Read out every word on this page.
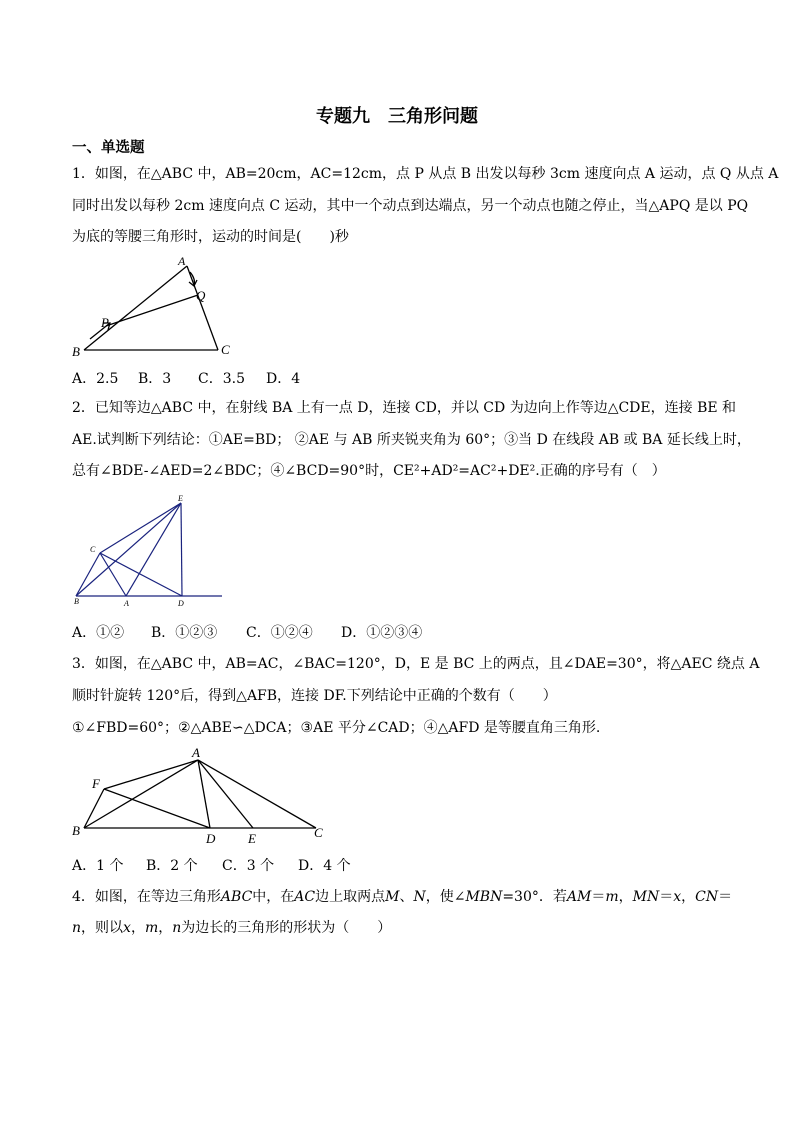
专题九　三角形问题
一、单选题
1．如图，在△ABC 中，AB=20cm，AC=12cm，点 P 从点 B 出发以每秒 3cm 速度向点 A 运动，点 Q 从点 A
同时出发以每秒 2cm 速度向点 C 运动，其中一个动点到达端点，另一个动点也随之停止，当△APQ 是以 PQ
为底的等腰三角形时，运动的时间是(　　)秒
A
B	C
P
Q
A．2.5 B．3 C．3.5 D．4
2．已知等边△ABC 中，在射线 BA 上有一点 D，连接 CD，并以 CD 为边向上作等边△CDE，连接 BE 和
AE.试判断下列结论：①AE=BD； ②AE 与 AB 所夹锐夹角为 60°；③当 D 在线段 AB 或 BA 延长线上时，
总有∠BDE-∠AED=2∠BDC；④∠BCD=90°时，CE²+AD²=AC²+DE².正确的序号有（　）
B	A	D
C
E
A．①② B．①②③ C．①②④ D．①②③④
3．如图，在△ABC 中，AB=AC，∠BAC=120°，D，E 是 BC 上的两点，且∠DAE=30°，将△AEC 绕点 A
顺时针旋转 120°后，得到△AFB，连接 DF.下列结论中正确的个数有（　　）
①∠FBD=60°；②△ABE∽△DCA；③AE 平分∠CAD；④△AFD 是等腰直角三角形.
A
F
B
D	E	C
A．1 个 B．2 个 C．3 个 D．4 个
4．如图，在等边三角形ABC中，在AC边上取两点M、N，使∠MBN=30°．若AM＝m，MN＝x，CN＝
n，则以x，m，n为边长的三角形的形状为（　　）
